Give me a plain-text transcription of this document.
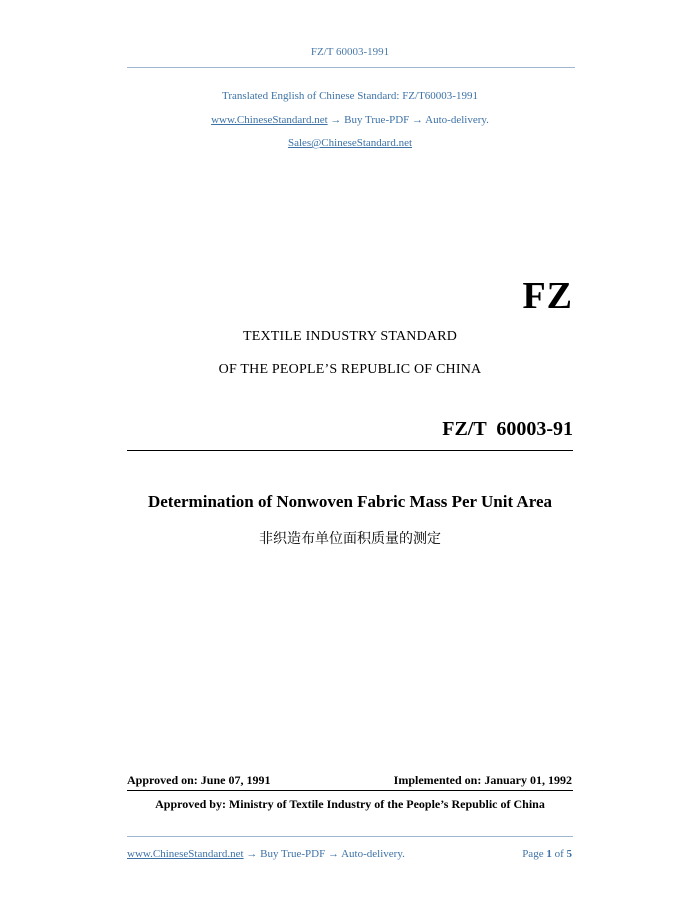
FZ/T 60003-1991
Translated English of Chinese Standard: FZ/T60003-1991
www.ChineseStandard.net → Buy True-PDF → Auto-delivery.
Sales@ChineseStandard.net
FZ
TEXTILE INDUSTRY STANDARD
OF THE PEOPLE’S REPUBLIC OF CHINA
FZ/T  60003-91
Determination of Nonwoven Fabric Mass Per Unit Area
非织造布单位面积质量的测定
Approved on: June 07, 1991	Implemented on: January 01, 1992
Approved by: Ministry of Textile Industry of the People’s Republic of China
www.ChineseStandard.net → Buy True-PDF → Auto-delivery.	Page 1 of 5
